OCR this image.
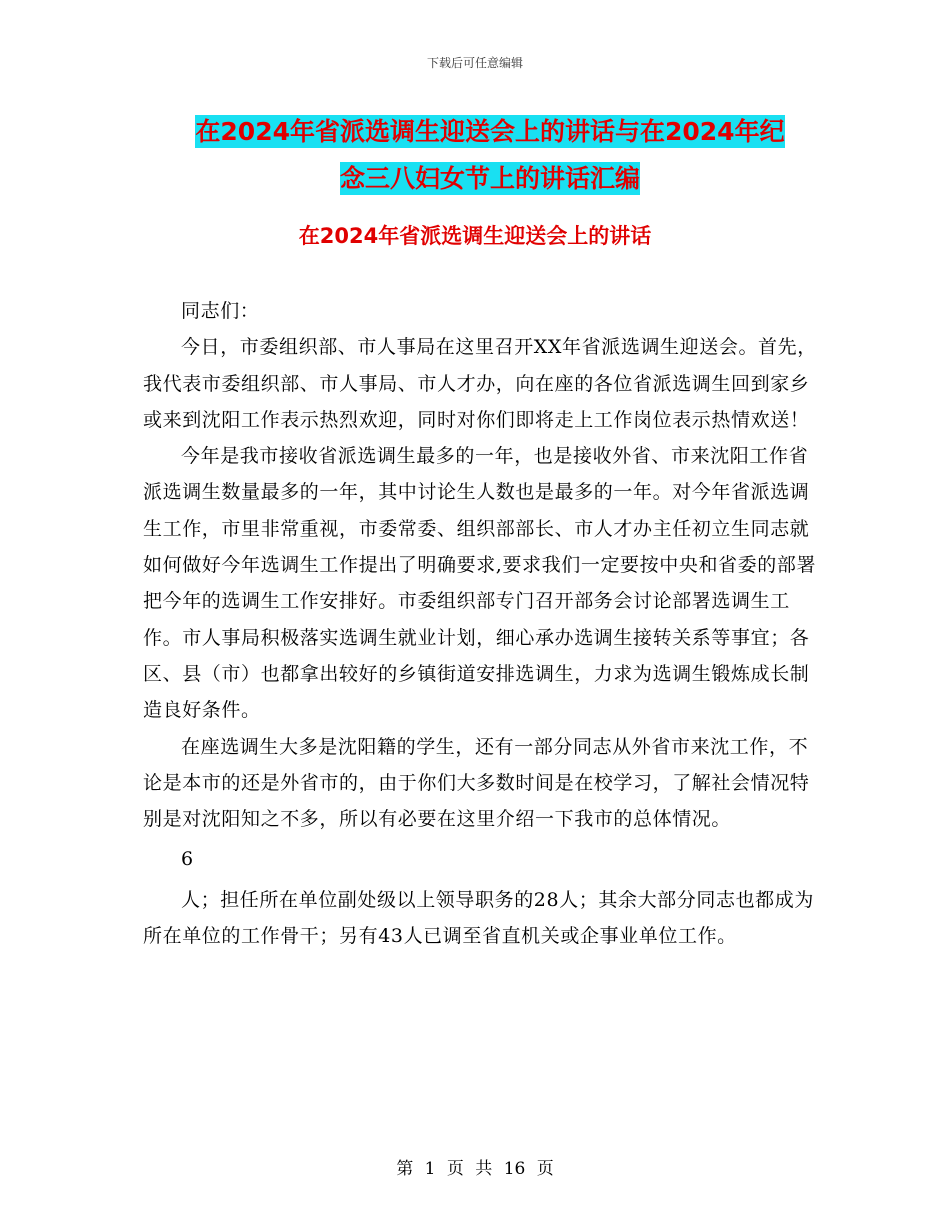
下载后可任意编辑
在2024年省派选调生迎送会上的讲话与在2024年纪
念三八妇女节上的讲话汇编
在2024年省派选调生迎送会上的讲话

同志们：

今日，市委组织部、市人事局在这里召开XX年省派选调生迎送会。首先，我代表市委组织部、市人事局、市人才办，向在座的各位省派选调生回到家乡或来到沈阳工作表示热烈欢迎，同时对你们即将走上工作岗位表示热情欢送！

今年是我市接收省派选调生最多的一年，也是接收外省、市来沈阳工作省派选调生数量最多的一年，其中讨论生人数也是最多的一年。对今年省派选调生工作，市里非常重视，市委常委、组织部部长、市人才办主任初立生同志就如何做好今年选调生工作提出了明确要求,要求我们一定要按中央和省委的部署把今年的选调生工作安排好。市委组织部专门召开部务会讨论部署选调生工作。市人事局积极落实选调生就业计划，细心承办选调生接转关系等事宜；各区、县（市）也都拿出较好的乡镇街道安排选调生，力求为选调生锻炼成长制造良好条件。

在座选调生大多是沈阳籍的学生，还有一部分同志从外省市来沈工作，不论是本市的还是外省市的，由于你们大多数时间是在校学习，了解社会情况特别是对沈阳知之不多，所以有必要在这里介绍一下我市的总体情况。

6

人；担任所在单位副处级以上领导职务的28人；其余大部分同志也都成为所在单位的工作骨干；另有43人已调至省直机关或企事业单位工作。

第 1 页 共 16 页
